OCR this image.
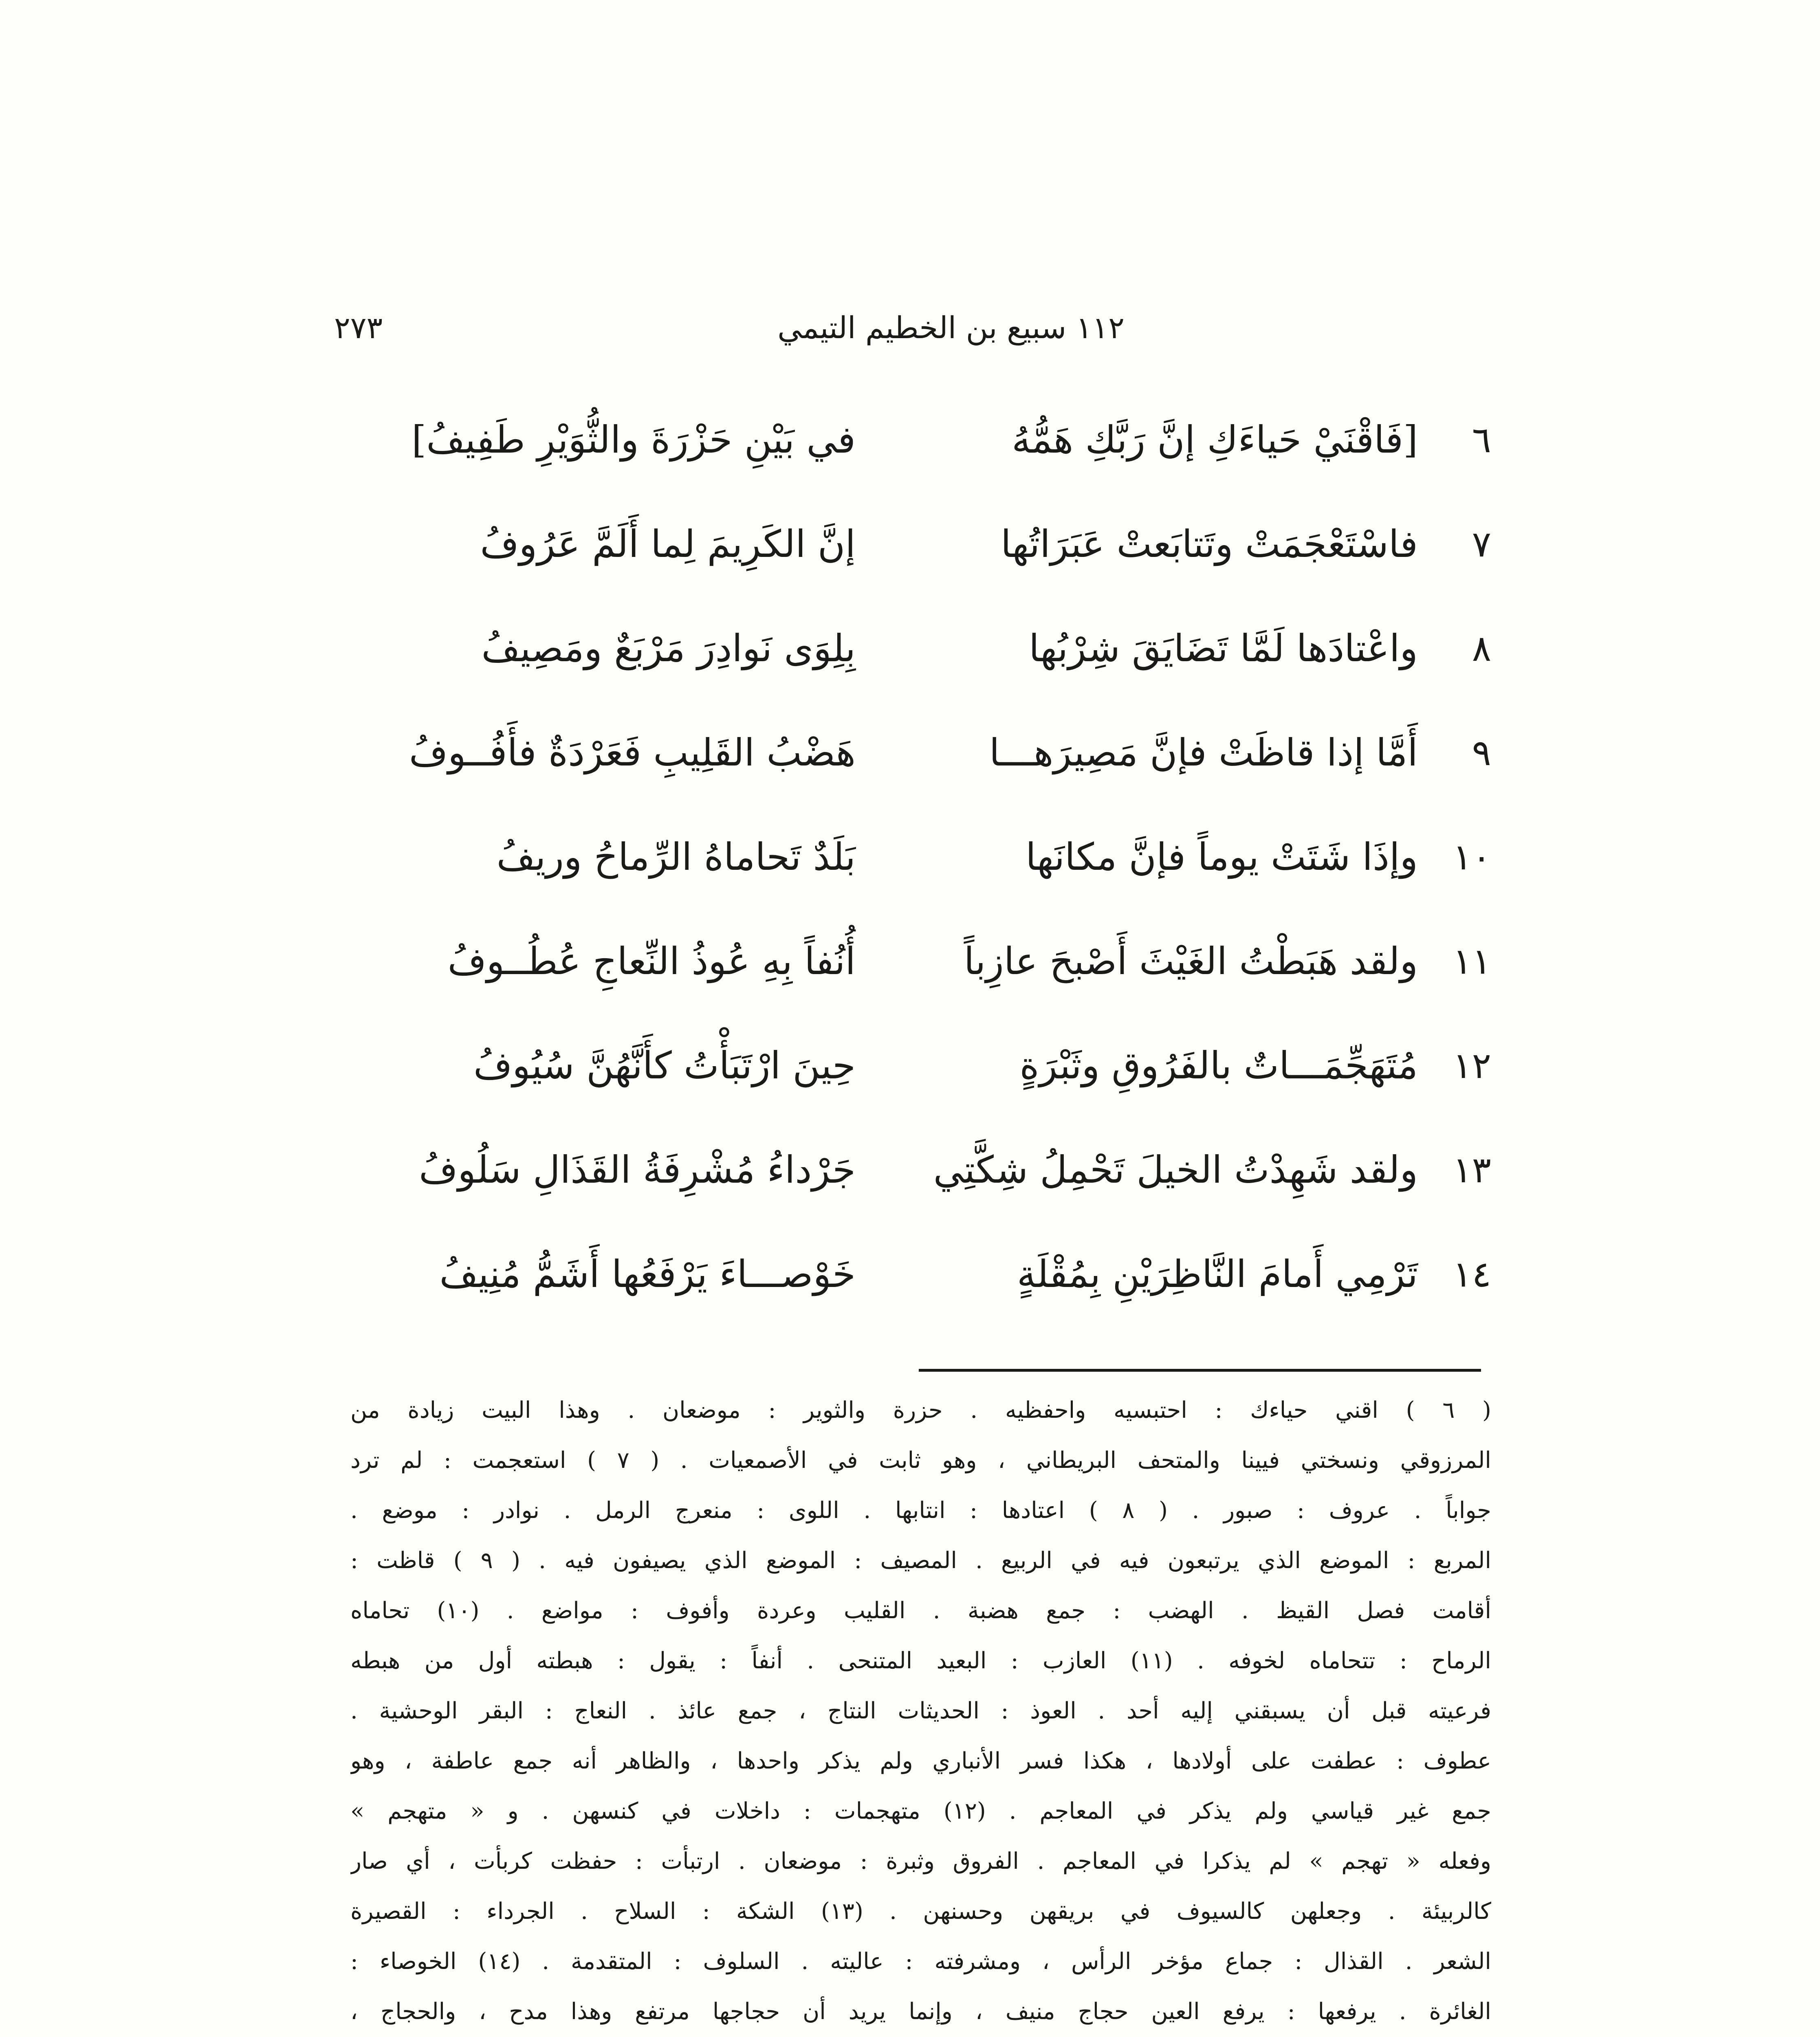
١١٢ سبيع بن الخطيم التيمي
٢٧٣
٦
[فَاقْنَيْ حَياءَكِ إنَّ رَبَّكِ هَمُّهُ
في بَيْنِ حَزْرَةَ والثُّوَيْرِ طَفِيفُ]
٧
فاسْتَعْجَمَتْ وتَتابَعتْ عَبَرَاتُها
إنَّ الكَرِيمَ لِما أَلَمَّ عَرُوفُ
٨
واعْتادَها لَمَّا تَضَايَقَ شِرْبُها
بِلِوَى نَوادِرَ مَرْبَعٌ ومَصِيفُ
٩
أَمَّا إذا قاظَتْ فإنَّ مَصِيرَهـــا
هَضْبُ القَلِيبِ فَعَرْدَةٌ فأَفُــوفُ
١٠
وإذَا شَتَتْ يوماً فإنَّ مكانَها
بَلَدٌ تَحاماهُ الرِّماحُ وريفُ
١١
ولقد هَبَطْتُ الغَيْثَ أَصْبحَ عازِباً
أُنُفاً بِهِ عُوذُ النِّعاجِ عُطُــوفُ
١٢
مُتَهَجِّمَـــاتٌ بالفَرُوقِ وثَبْرَةٍ
حِينَ ارْتَبَأْتُ كأَنَّهُنَّ سُيُوفُ
١٣
ولقد شَهِدْتُ الخيلَ تَحْمِلُ شِكَّتِي
جَرْداءُ مُشْرِفَةُ القَذَالِ سَلُوفُ
١٤
تَرْمِي أَمامَ النَّاظِرَيْنِ بِمُقْلَةٍ
خَوْصـــاءَ يَرْفَعُها أَشَمُّ مُنِيفُ
( ٦ ) اقني حياءك : احتبسيه واحفظيه . حزرة والثوير : موضعان . وهذا البيت زيادة من
المرزوقي ونسختي فيينا والمتحف البريطاني ، وهو ثابت في الأصمعيات . ( ٧ ) استعجمت : لم ترد
جواباً . عروف : صبور . ( ٨ ) اعتادها : انتابها . اللوى : منعرج الرمل . نوادر : موضع .
المربع : الموضع الذي يرتبعون فيه في الربيع . المصيف : الموضع الذي يصيفون فيه . ( ٩ ) قاظت :
أقامت فصل القيظ . الهضب : جمع هضبة . القليب وعردة وأفوف : مواضع . (١٠) تحاماه
الرماح : تتحاماه لخوفه . (١١) العازب : البعيد المتنحى . أنفاً : يقول : هبطته أول من هبطه
فرعيته قبل أن يسبقني إليه أحد . العوذ : الحديثات النتاج ، جمع عائذ . النعاج : البقر الوحشية .
عطوف : عطفت على أولادها ، هكذا فسر الأنباري ولم يذكر واحدها ، والظاهر أنه جمع عاطفة ، وهو
جمع غير قياسي ولم يذكر في المعاجم . (١٢) متهجمات : داخلات في كنسهن . و « متهجم »
وفعله « تهجم » لم يذكرا في المعاجم . الفروق وثبرة : موضعان . ارتبأت : حفظت كربأت ، أي صار
كالربيئة . وجعلهن كالسيوف في بريقهن وحسنهن . (١٣) الشكة : السلاح . الجرداء : القصيرة
الشعر . القذال : جماع مؤخر الرأس ، ومشرفته : عاليته . السلوف : المتقدمة . (١٤) الخوصاء :
الغائرة . يرفعها : يرفع العين حجاج منيف ، وإنما يريد أن حجاجها مرتفع وهذا مدح ، والحجاج ،
